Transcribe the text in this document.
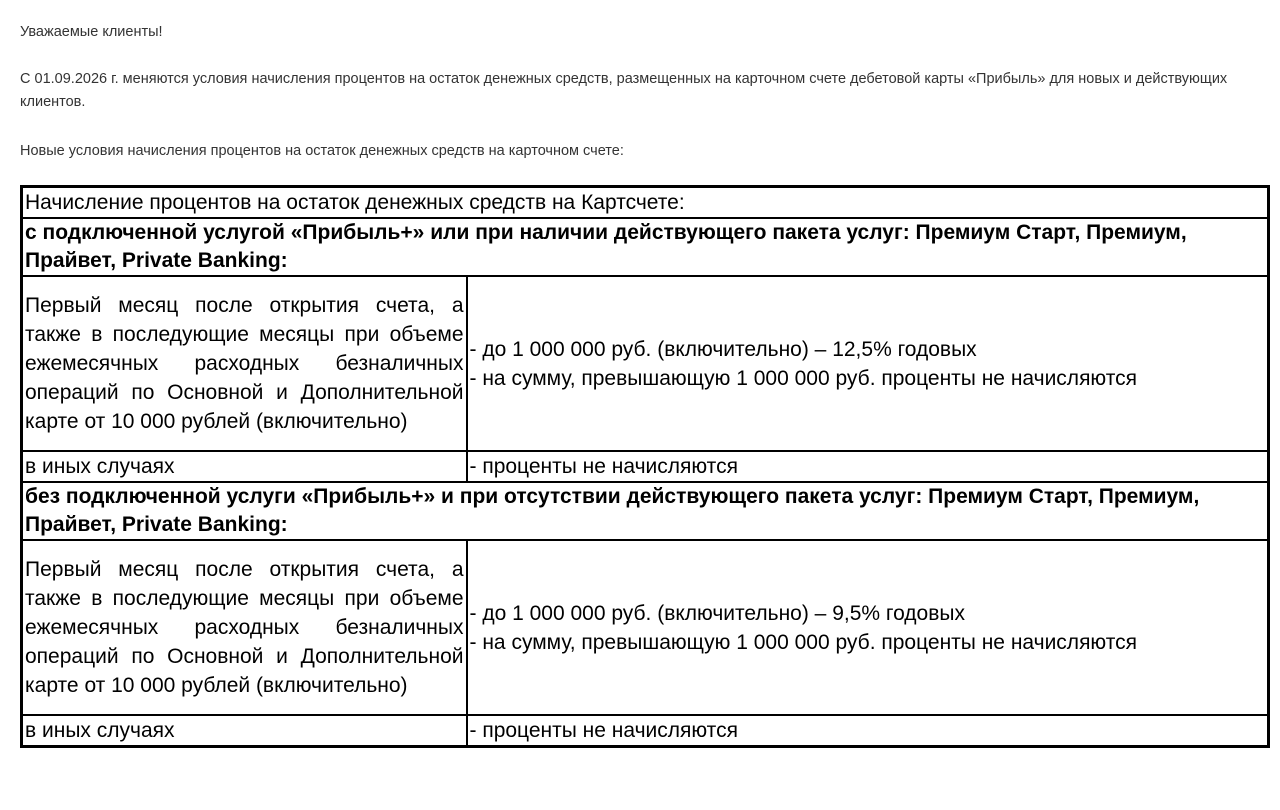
Уважаемые клиенты!

С 01.09.2026 г. меняются условия начисления процентов на остаток денежных средств, размещенных на карточном счете дебетовой карты «Прибыль» для новых и действующих клиентов.

Новые условия начисления процентов на остаток денежных средств на карточном счете:

Начисление процентов на остаток денежных средств на Картсчете:	
с подключенной услугой «Прибыль+» или при наличии действующего пакета услуг: Премиум Старт, Премиум, Прайвет, Private Banking:	
Первый месяц после открытия счета, а также в последующие месяцы при объеме ежемесячных расходных безналичных операций по Основной и Дополнительной карте от 10 000 рублей (включительно)	- до 1 000 000 руб. (включительно) – 12,5% годовых
- на сумму, превышающую 1 000 000 руб. проценты не начисляются

в иных случаях	- проценты не начисляются
без подключенной услуги «Прибыль+» и при отсутствии действующего пакета услуг: Премиум Старт, Премиум, Прайвет, Private Banking:	
Первый месяц после открытия счета, а также в последующие месяцы при объеме ежемесячных расходных безналичных операций по Основной и Дополнительной карте от 10 000 рублей (включительно)	- до 1 000 000 руб. (включительно) – 9,5% годовых
- на сумму, превышающую 1 000 000 руб. проценты не начисляются

в иных случаях	- проценты не начисляются
